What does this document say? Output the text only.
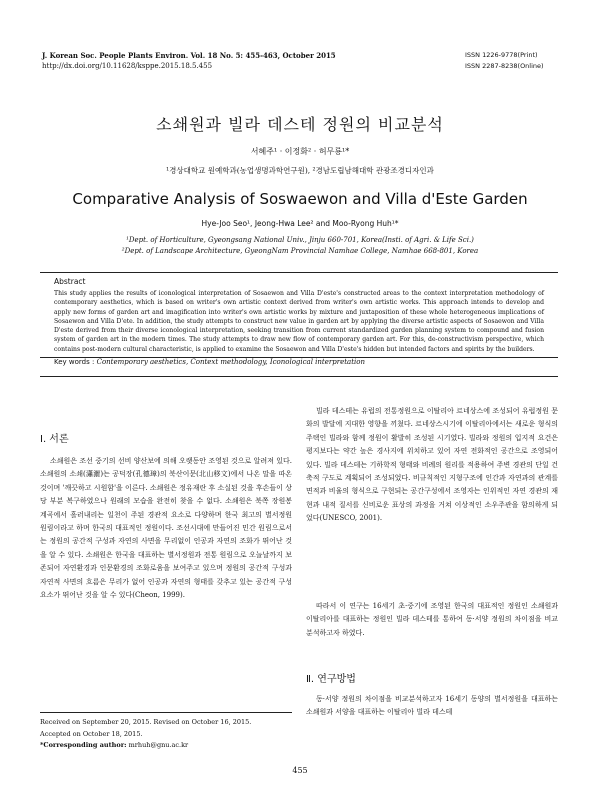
J. Korean Soc. People Plants Environ. Vol. 18 No. 5: 455-463, October 2015
http://dx.doi.org/10.11628/ksppe.2015.18.5.455
ISSN 1226-9778(Print)
ISSN 2287-8238(Online)
소쇄원과 빌라 데스테 정원의 비교분석
서혜주¹ · 이정화² · 허무룡¹*
¹경상대학교 원예학과(농업생명과학연구원), ²경남도립남해대학 관광조경디자인과
Comparative Analysis of Soswaewon and Villa d'Este Garden
Hye-Joo Seo¹, Jeong-Hwa Lee² and Moo-Ryong Huh¹*
¹Dept. of Horticulture, Gyeongsang National Univ., Jinju 660-701, Korea(Insti. of Agri. & Life Sci.)
²Dept. of Landscape Architecture, GyeongNam Provincial Namhae College, Namhae 668-801, Korea
Abstract
This study applies the results of iconological interpretation of Sosaewon and Villa D'este's constructed areas to the context interpretation methodology of contemporary aesthetics, which is based on writer's own artistic context derived from writer's own artistic works. This approach intends to develop and apply new forms of garden art and imagification into writer's own artistic works by mixture and juxtaposition of these whole heterogeneous implications of Sosaewon and Villa D'ete. In addition, the study attempts to construct new value in garden art by applying the diverse artistic aspects of Sosaewon and Villa D'este derived from their diverse iconological interpretation, seeking transition from current standardized garden planning system to compound and fusion system of garden art in the modern times. The study attempts to draw new flow of contemporary garden art. For this, de-constructivism perspective, which contains post-modern cultural characteristic, is applied to examine the Sosaewon and Villa D'este's hidden but intended factors and spirits by the builders.
Key words : Contemporary aesthetics, Context methodology, Iconological interpretation
Ⅰ. 서론
소쇄원은 조선 중기의 선비 양산보에 의해 오랫동안 조영된 것으로 알려져 있다. 소쇄원의 소쇄(瀟灑)는 공덕장(孔德璋)의 북산이문(北山移文)에서 나온 말을 따온 것이며 '깨끗하고 시원함'을 이른다. 소쇄원은 정유재란 후 소실된 것을 후손들이 상당 부분 복구하였으나 원래의 모습을 완전히 찾을 수 없다. 소쇄원은 북쪽 장원봉 계곡에서 흘러내리는 일천이 주된 경관적 요소로 다양하며 한국 최고의 별서정원 원림이라고 하며 한국의 대표적인 정원이다. 조선시대에 만들어진 민간 원림으로서는 정원의 공간적 구성과 자연의 사면을 무리없이 인공과 자연의 조화가 뛰어난 것을 알 수 있다. 소쇄원은 한국을 대표하는 별서정원과 전통 원림으로 오늘날까지 보존되어 자연환경과 인문환경의 조화로움을 보여주고 있으며 정원의 공간적 구성과 자연적 사면의 흐름은 무리가 없어 인공과 자연의 형태를 갖추고 있는 공간적 구성 요소가 뛰어난 것을 알 수 있다(Cheon, 1999).
빌라 데스테는 유럽의 전통정원으로 이탈리아 르네상스에 조성되어 유럽정원 문화의 발달에 지대한 영향을 끼쳤다. 르네상스시기에 이탈리아에서는 새로운 형식의 주택인 빌라와 함께 정원이 활발히 조성된 시기였다. 빌라와 정원의 입지적 요건은 평지보다는 약간 높은 경사지에 위치하고 있어 자연 전화적인 공간으로 조영되어 있다. 빌라 데스테는 기하학적 형태와 비례의 원리를 적용하여 주변 경관의 단일 건축적 구도로 계획되어 조성되었다. 비규칙적인 지형구조에 인간과 자연과의 관계를 면적과 비율의 형식으로 구현되는 공간구성에서 조영자는 인위적인 자연 경관의 재현과 내적 질서를 신비로운 표상의 과정을 거쳐 이상적인 소우주관을 함의하게 되었다(UNESCO, 2001).
따라서 이 연구는 16세기 초·중기에 조영된 한국의 대표적인 정원인 소쇄원과 이탈리아를 대표하는 정원인 빌라 데스테를 통하여 동·서양 정원의 차이점을 비교 분석하고자 하였다.
Ⅱ. 연구방법
동·서양 정원의 차이점을 비교분석하고자 16세기 동양의 별서정원을 대표하는 소쇄원과 서양을 대표하는 이탈리아 빌라 데스테
Received on September 20, 2015. Revised on October 16, 2015.
Accepted on October 18, 2015.
*Corresponding author: mrhuh@gnu.ac.kr
455
